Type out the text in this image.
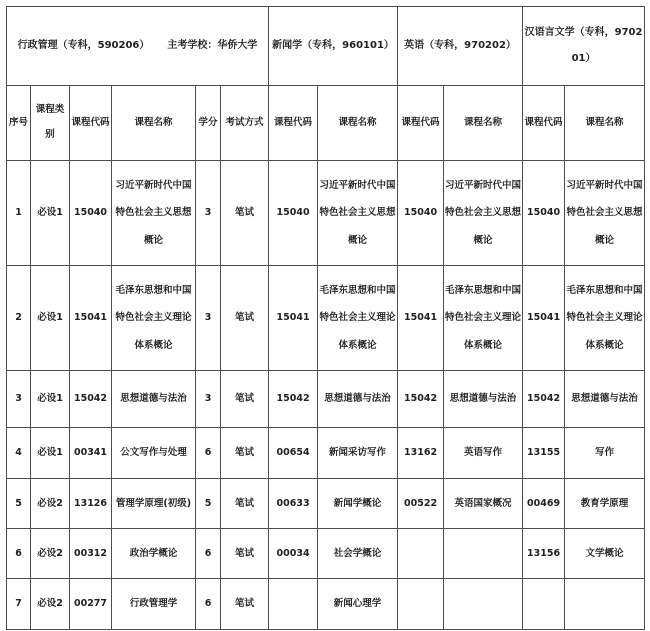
行政管理（专科，590206） 主考学校：华侨大学						新闻学（专科，960101）		英语（专科，970202）		汉语言文学（专科，970201）	
序号	课程类别	课程代码	课程名称	学分	考试方式	课程代码	课程名称	课程代码	课程名称	课程代码	课程名称
1	必设1	15040	习近平新时代中国特色社会主义思想概论	3	笔试	15040	习近平新时代中国特色社会主义思想概论	15040	习近平新时代中国特色社会主义思想概论	15040	习近平新时代中国特色社会主义思想概论
2	必设1	15041	毛泽东思想和中国特色社会主义理论体系概论	3	笔试	15041	毛泽东思想和中国特色社会主义理论体系概论	15041	毛泽东思想和中国特色社会主义理论体系概论	15041	毛泽东思想和中国特色社会主义理论体系概论
3	必设1	15042	思想道德与法治	3	笔试	15042	思想道德与法治	15042	思想道德与法治	15042	思想道德与法治
4	必设1	00341	公文写作与处理	6	笔试	00654	新闻采访写作	13162	英语写作	13155	写作
5	必设2	13126	管理学原理(初级)	5	笔试	00633	新闻学概论	00522	英语国家概况	00469	教育学原理
6	必设2	00312	政治学概论	6	笔试	00034	社会学概论			13156	文学概论
7	必设2	00277	行政管理学	6	笔试		新闻心理学				
